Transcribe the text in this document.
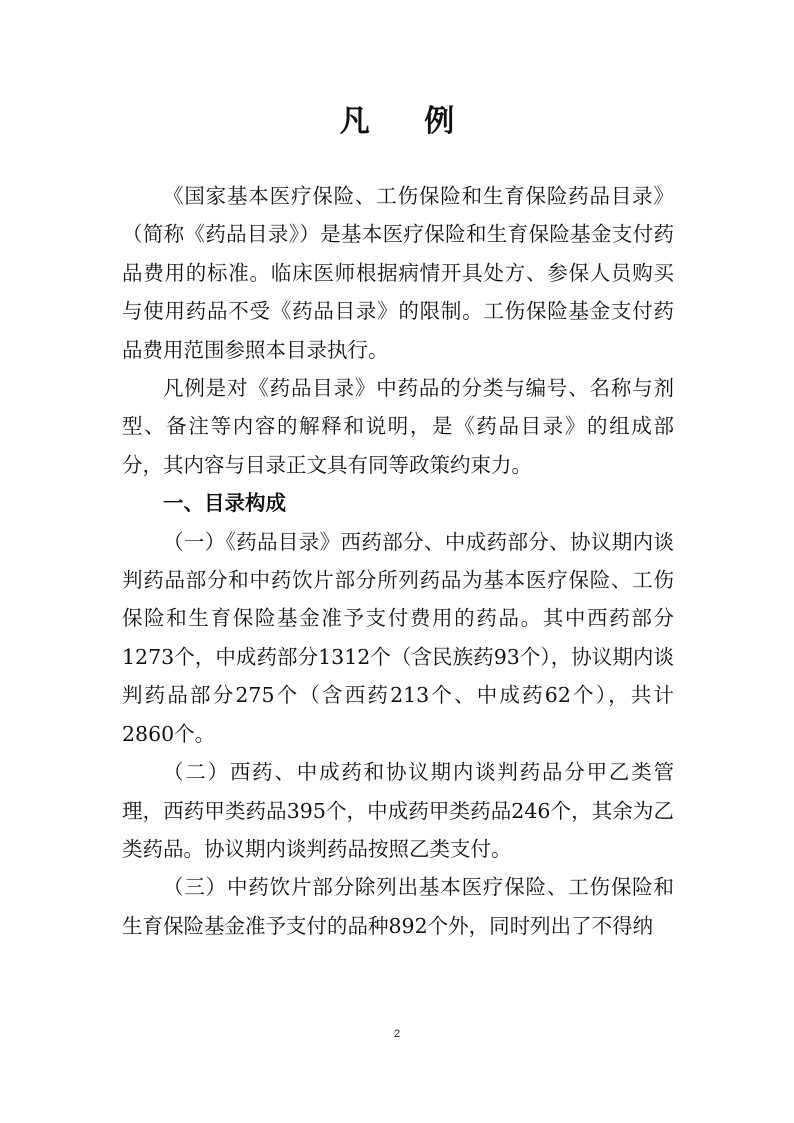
凡 例

《国家基本医疗保险、工伤保险和生育保险药品目录》（简称《药品目录》）是基本医疗保险和生育保险基金支付药品费用的标准。临床医师根据病情开具处方、参保人员购买与使用药品不受《药品目录》的限制。工伤保险基金支付药品费用范围参照本目录执行。

凡例是对《药品目录》中药品的分类与编号、名称与剂型、备注等内容的解释和说明，是《药品目录》的组成部分，其内容与目录正文具有同等政策约束力。

一、目录构成

（一）《药品目录》西药部分、中成药部分、协议期内谈判药品部分和中药饮片部分所列药品为基本医疗保险、工伤保险和生育保险基金准予支付费用的药品。其中西药部分1273个，中成药部分1312个（含民族药93个），协议期内谈判药品部分275个（含西药213个、中成药62个），共计2860个。

（二）西药、中成药和协议期内谈判药品分甲乙类管理，西药甲类药品395个，中成药甲类药品246个，其余为乙类药品。协议期内谈判药品按照乙类支付。

（三）中药饮片部分除列出基本医疗保险、工伤保险和生育保险基金准予支付的品种892个外，同时列出了不得纳

2
